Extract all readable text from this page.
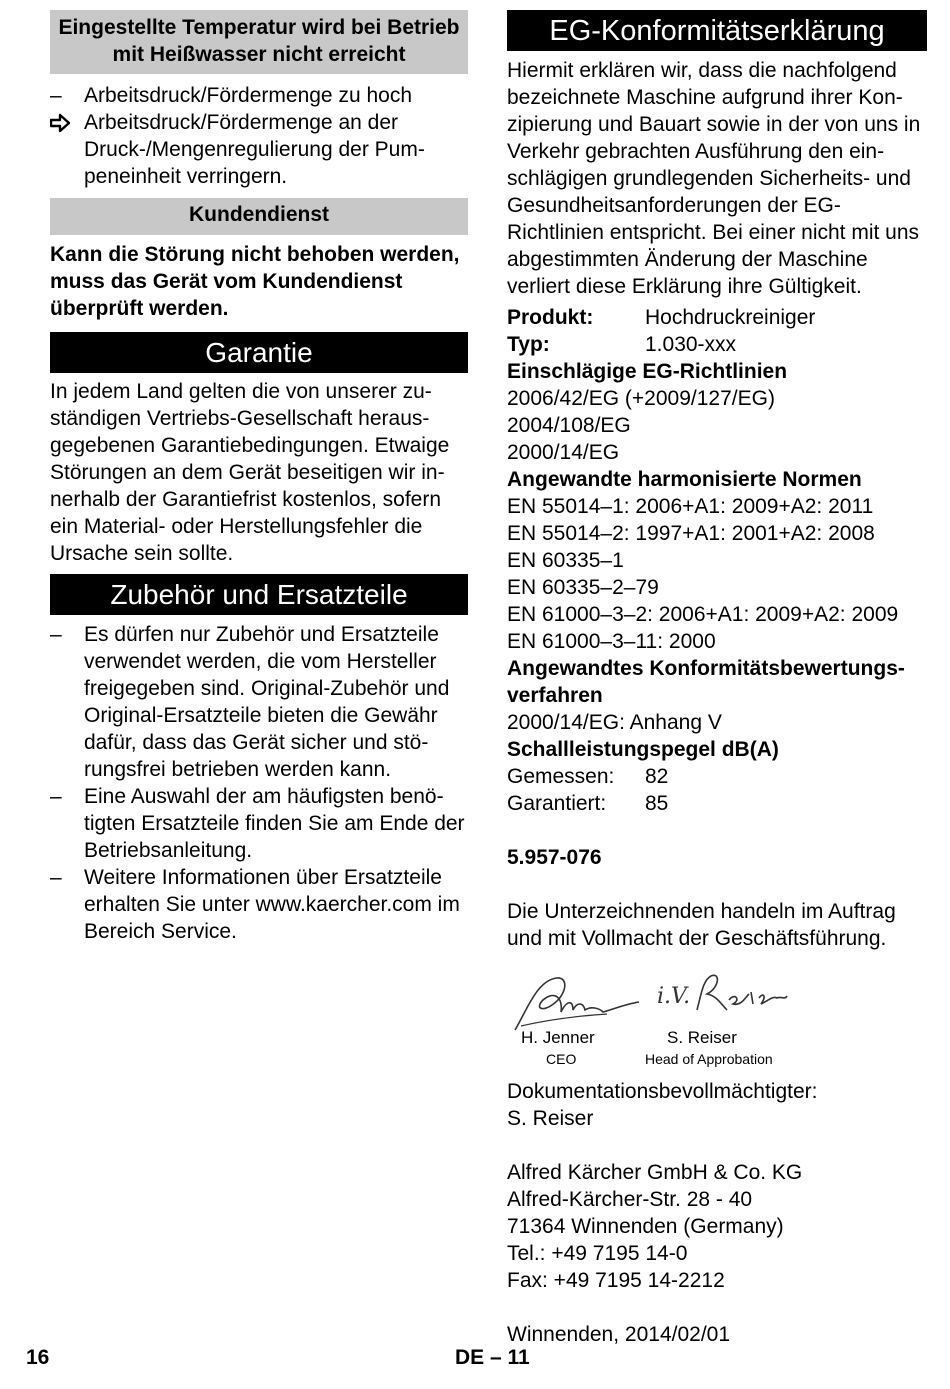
Eingestellte Temperatur wird bei Betrieb mit Heißwasser nicht erreicht
–	Arbeitsdruck/Fördermenge zu hoch
Arbeitsdruck/Fördermenge an der Druck-/Mengenregulierung der Pumpeneinheit verringern.
Kundendienst

Kann die Störung nicht behoben werden, muss das Gerät vom Kundendienst überprüft werden.

Garantie

In jedem Land gelten die von unserer zuständigen Vertriebs-Gesellschaft herausgegebenen Garantiebedingungen. Etwaige Störungen an dem Gerät beseitigen wir innerhalb der Garantiefrist kostenlos, sofern ein Material- oder Herstellungsfehler die Ursache sein sollte.

Zubehör und Ersatzteile
–	Es dürfen nur Zubehör und Ersatzteile verwendet werden, die vom Hersteller freigegeben sind. Original-Zubehör und Original-Ersatzteile bieten die Gewähr dafür, dass das Gerät sicher und störungsfrei betrieben werden kann.
–	Eine Auswahl der am häufigsten benötigten Ersatzteile finden Sie am Ende der Betriebsanleitung.
–	Weitere Informationen über Ersatzteile erhalten Sie unter www.kaercher.com im Bereich Service.
EG-Konformitätserklärung

Hiermit erklären wir, dass die nachfolgend bezeichnete Maschine aufgrund ihrer Konzipierung und Bauart sowie in der von uns in Verkehr gebrachten Ausführung den einschlägigen grundlegenden Sicherheits- und Gesundheitsanforderungen der EG-Richtlinien entspricht. Bei einer nicht mit uns abgestimmten Änderung der Maschine verliert diese Erklärung ihre Gültigkeit.

Produkt:	Hochdruckreiniger
Typ:	1.030-xxx

Einschlägige EG-Richtlinien

2006/42/EG (+2009/127/EG)

2004/108/EG

2000/14/EG

Angewandte harmonisierte Normen

EN 55014–1: 2006+A1: 2009+A2: 2011

EN 55014–2: 1997+A1: 2001+A2: 2008

EN 60335–1

EN 60335–2–79

EN 61000–3–2: 2006+A1: 2009+A2: 2009

EN 61000–3–11: 2000

Angewandtes Konformitätsbewertungsverfahren

2000/14/EG: Anhang V

Schallleistungspegel dB(A)

Gemessen:	82
Garantiert:	85

5.957-076

Die Unterzeichnenden handeln im Auftrag und mit Vollmacht der Geschäftsführung.

H. Jenner
CEO
i.V.
S. Reiser
Head of Approbation

Dokumentationsbevollmächtigter:

S. Reiser

Alfred Kärcher GmbH & Co. KG

Alfred-Kärcher-Str. 28 - 40

71364 Winnenden (Germany)

Tel.: +49 7195 14-0

Fax: +49 7195 14-2212

Winnenden, 2014/02/01

16	DE – 11
